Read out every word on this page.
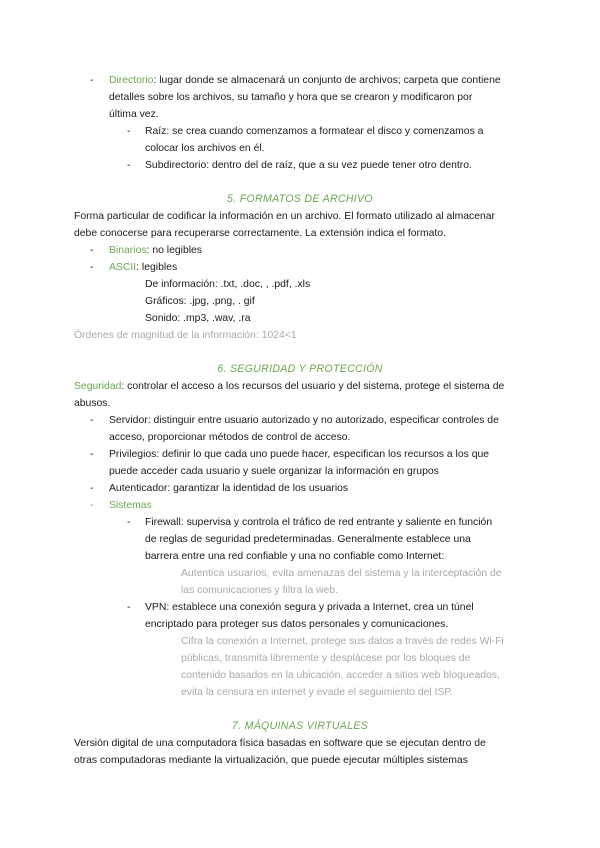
- Directorio: lugar donde se almacenará un conjunto de archivos; carpeta que contiene
detalles sobre los archivos, su tamaño y hora que se crearon y modificaron por
última vez.
- Raíz: se crea cuando comenzamos a formatear el disco y comenzamos a
colocar los archivos en él.
- Subdirectorio: dentro del de raíz, que a su vez puede tener otro dentro.
5. FORMATOS DE ARCHIVO
Forma particular de codificar la información en un archivo. El formato utilizado al almacenar
debe conocerse para recuperarse correctamente. La extensión indica el formato.
- Binarios: no legibles
- ASCII: legibles
De información: .txt, .doc, , .pdf, .xls
Gráficos: .jpg, .png, . gif
Sonido: .mp3, .wav, .ra
Órdenes de magnitud de la información: 1024<1
6. SEGURIDAD Y PROTECCIÓN
Seguridad: controlar el acceso a los recursos del usuario y del sistema, protege el sistema de
abusos.
- Servidor: distinguir entre usuario autorizado y no autorizado, especificar controles de
acceso, proporcionar métodos de control de acceso.
- Privilegios: definir lo que cada uno puede hacer, especifican los recursos a los que
puede acceder cada usuario y suele organizar la información en grupos
- Autenticador: garantizar la identidad de los usuarios
- Sistemas
- Firewall: supervisa y controla el tráfico de red entrante y saliente en función
de reglas de seguridad predeterminadas. Generalmente establece una
barrera entre una red confiable y una no confiable como Internet:
Autentica usuarios, evita amenazas del sistema y la interceptación de
las comunicaciones y filtra la web.
- VPN: establece una conexión segura y privada a Internet, crea un túnel
encriptado para proteger sus datos personales y comunicaciones.
Cifra la conexión a Internet, protege sus datos a través de redes Wi-Fi
públicas, transmita libremente y desplácese por los bloques de
contenido basados en la ubicación, acceder a sitios web bloqueados,
evita la censura en internet y evade el seguimiento del ISP.
7. MÁQUINAS VIRTUALES
Versión digital de una computadora física basadas en software que se ejecutan dentro de
otras computadoras mediante la virtualización, que puede ejecutar múltiples sistemas
